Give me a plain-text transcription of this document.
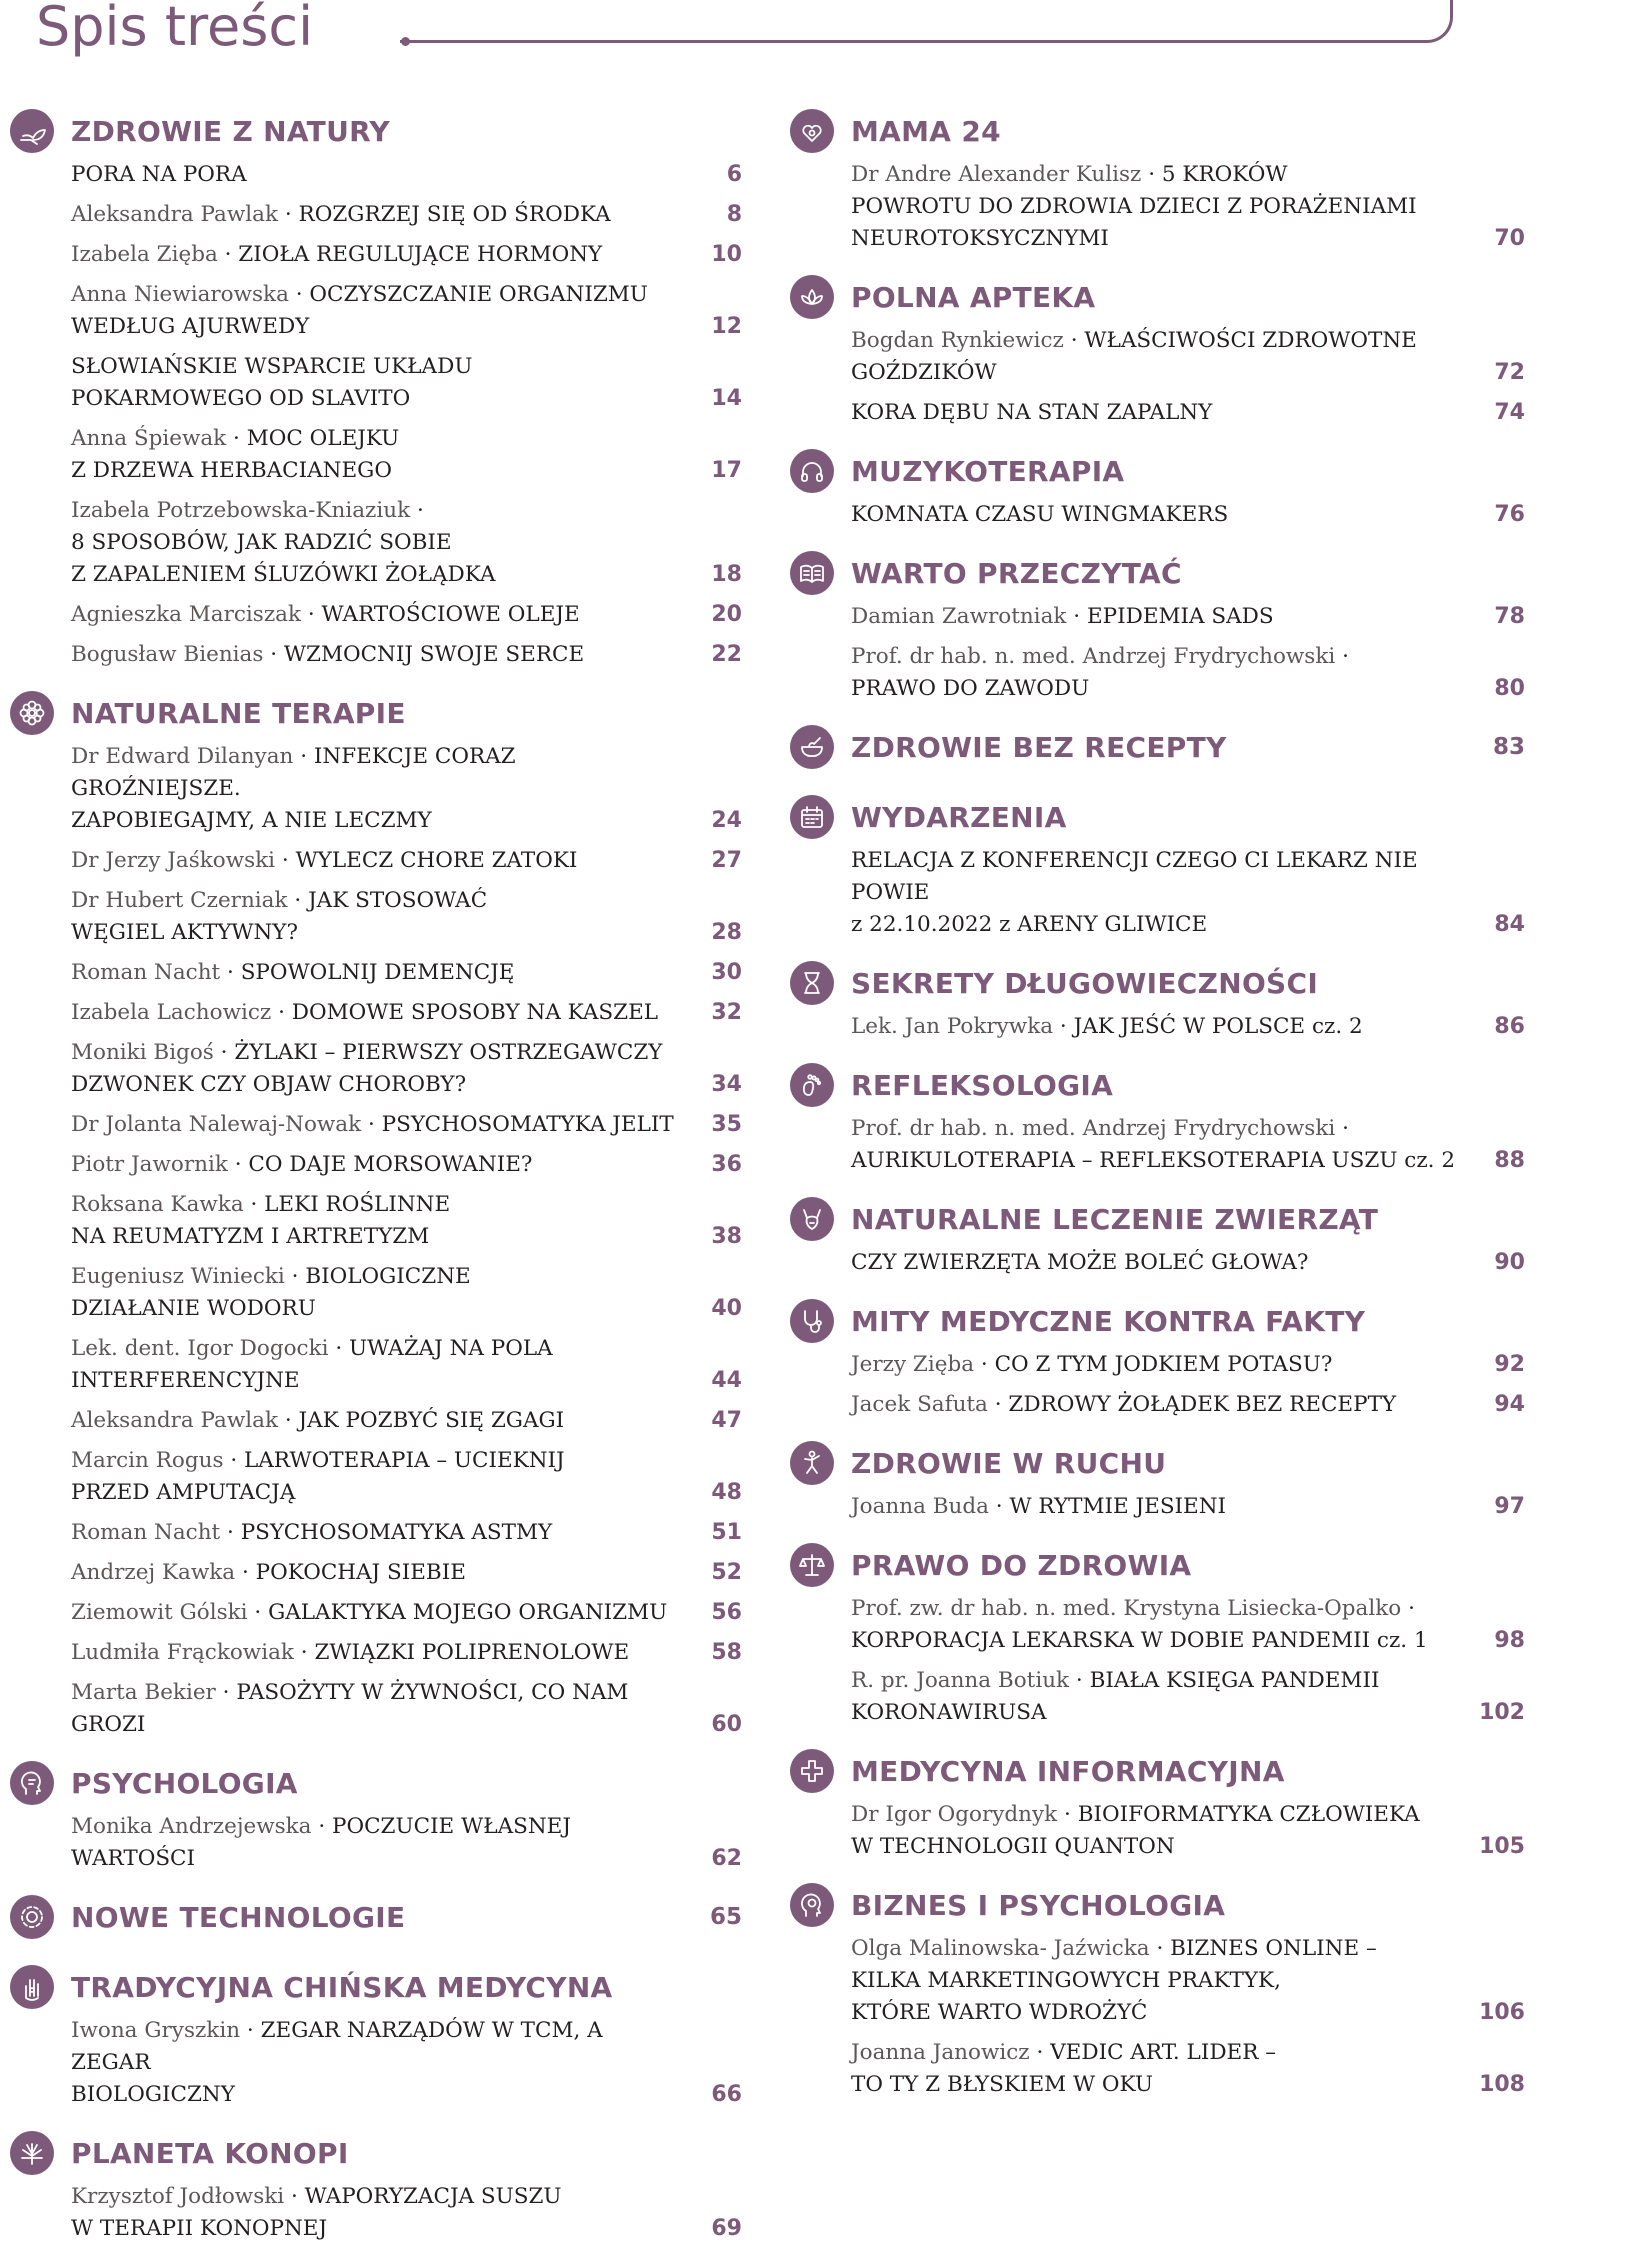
Spis treści
ZDROWIE Z NATURY
PORA NA PORA	6
Aleksandra Pawlak · ROZGRZEJ SIĘ OD ŚRODKA	8
Izabela Zięba · ZIOŁA REGULUJĄCE HORMONY	10
Anna Niewiarowska · OCZYSZCZANIE ORGANIZMU
WEDŁUG AJURWEDY	12
SŁOWIAŃSKIE WSPARCIE UKŁADU
POKARMOWEGO OD SLAVITO	14
Anna Śpiewak · MOC OLEJKU
Z DRZEWA HERBACIANEGO	17
Izabela Potrzebowska-Kniaziuk ·
8 SPOSOBÓW, JAK RADZIĆ SOBIE
Z ZAPALENIEM ŚLUZÓWKI ŻOŁĄDKA	18
Agnieszka Marciszak · WARTOŚCIOWE OLEJE	20
Bogusław Bienias · WZMOCNIJ SWOJE SERCE	22
NATURALNE TERAPIE
Dr Edward Dilanyan · INFEKCJE CORAZ GROŹNIEJSZE.
ZAPOBIEGAJMY, A NIE LECZMY	24
Dr Jerzy Jaśkowski · WYLECZ CHORE ZATOKI	27
Dr Hubert Czerniak · JAK STOSOWAĆ
WĘGIEL AKTYWNY?	28
Roman Nacht · SPOWOLNIJ DEMENCJĘ	30
Izabela Lachowicz · DOMOWE SPOSOBY NA KASZEL	32
Moniki Bigoś · ŻYLAKI – PIERWSZY OSTRZEGAWCZY
DZWONEK CZY OBJAW CHOROBY?	34
Dr Jolanta Nalewaj-Nowak · PSYCHOSOMATYKA JELIT	35
Piotr Jawornik · CO DAJE MORSOWANIE?	36
Roksana Kawka · LEKI ROŚLINNE
NA REUMATYZM I ARTRETYZM	38
Eugeniusz Winiecki · BIOLOGICZNE
DZIAŁANIE WODORU	40
Lek. dent. Igor Dogocki · UWAŻAJ NA POLA
INTERFERENCYJNE	44
Aleksandra Pawlak · JAK POZBYĆ SIĘ ZGAGI	47
Marcin Rogus · LARWOTERAPIA – UCIEKNIJ
PRZED AMPUTACJĄ	48
Roman Nacht · PSYCHOSOMATYKA ASTMY	51
Andrzej Kawka · POKOCHAJ SIEBIE	52
Ziemowit Gólski · GALAKTYKA MOJEGO ORGANIZMU	56
Ludmiła Frąckowiak · ZWIĄZKI POLIPRENOLOWE	58
Marta Bekier · PASOŻYTY W ŻYWNOŚCI, CO NAM GROZI	60
PSYCHOLOGIA
Monika Andrzejewska · POCZUCIE WŁASNEJ WARTOŚCI	62
NOWE TECHNOLOGIE	65
TRADYCYJNA CHIŃSKA MEDYCYNA
Iwona Gryszkin · ZEGAR NARZĄDÓW W TCM, A ZEGAR
BIOLOGICZNY	66
PLANETA KONOPI
Krzysztof Jodłowski · WAPORYZACJA SUSZU
W TERAPII KONOPNEJ	69
MAMA 24
Dr Andre Alexander Kulisz · 5 KROKÓW
POWROTU DO ZDROWIA DZIECI Z PORAŻENIAMI
NEUROTOKSYCZNYMI	70
POLNA APTEKA
Bogdan Rynkiewicz · WŁAŚCIWOŚCI ZDROWOTNE
GOŹDZIKÓW	72
KORA DĘBU NA STAN ZAPALNY	74
MUZYKOTERAPIA
KOMNATA CZASU WINGMAKERS	76
WARTO PRZECZYTAĆ
Damian Zawrotniak · EPIDEMIA SADS	78
Prof. dr hab. n. med. Andrzej Frydrychowski ·
PRAWO DO ZAWODU	80
ZDROWIE BEZ RECEPTY	83
WYDARZENIA
RELACJA Z KONFERENCJI CZEGO CI LEKARZ NIE POWIE
z 22.10.2022 z ARENY GLIWICE	84
SEKRETY DŁUGOWIECZNOŚCI
Lek. Jan Pokrywka · JAK JEŚĆ W POLSCE cz. 2	86
REFLEKSOLOGIA
Prof. dr hab. n. med. Andrzej Frydrychowski ·
AURIKULOTERAPIA – REFLEKSOTERAPIA USZU cz. 2	88
NATURALNE LECZENIE ZWIERZĄT
CZY ZWIERZĘTA MOŻE BOLEĆ GŁOWA?	90
MITY MEDYCZNE KONTRA FAKTY
Jerzy Zięba · CO Z TYM JODKIEM POTASU?	92
Jacek Safuta · ZDROWY ŻOŁĄDEK BEZ RECEPTY	94
ZDROWIE W RUCHU
Joanna Buda · W RYTMIE JESIENI	97
PRAWO DO ZDROWIA
Prof. zw. dr hab. n. med. Krystyna Lisiecka-Opalko ·
KORPORACJA LEKARSKA W DOBIE PANDEMII cz. 1	98
R. pr. Joanna Botiuk · BIAŁA KSIĘGA PANDEMII
KORONAWIRUSA	102
MEDYCYNA INFORMACYJNA
Dr Igor Ogorydnyk · BIOIFORMATYKA CZŁOWIEKA
W TECHNOLOGII QUANTON	105
BIZNES I PSYCHOLOGIA
Olga Malinowska- Jaźwicka · BIZNES ONLINE –
KILKA MARKETINGOWYCH PRAKTYK,
KTÓRE WARTO WDROŻYĆ	106
Joanna Janowicz · VEDIC ART. LIDER –
TO TY Z BŁYSKIEM W OKU	108
